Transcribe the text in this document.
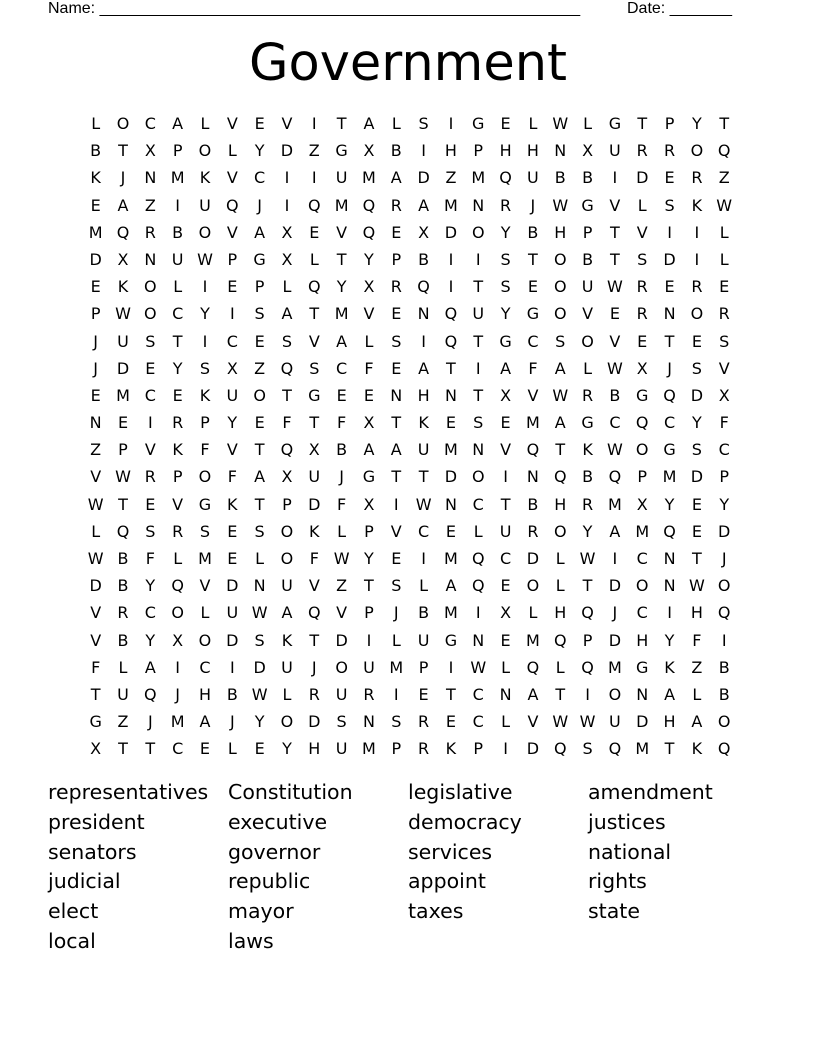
Name: ______________________________________________________	Date: _______
Government
L	O C	A	L	V	E	V	I	T	A	L	S	I	G	E	L W L	G	T	P	Y	T
B	T	X	P	O	L	Y	D Z G X	B	I	H	P	H H N X U R	R O Q
K	J	N M K	V	C	I	I	U M A D Z M Q U B	B	I	D	E	R	Z
E	A	Z	I	U Q	J	I	Q M Q R	A M N R	J	W G V	L	S	K W
M Q R	B O V	A	X	E	V Q E	X D O	Y	B H	P	T	V	I	I	L
D X N U W P	G X	L	T	Y	P	B	I	I	S	T	O B	T	S	D	I	L
E	K O	L	I	E	P	L	Q	Y	X	R Q	I	T	S	E O U W R	E	R	E
P W O C	Y	I	S	A	T M V	E	N Q U	Y	G O V	E	R N O R
J	U	S	T	I	C	E	S	V	A	L	S	I	Q	T	G C	S O V	E	T	E	S
J	D	E	Y	S	X	Z Q S	C	F	E	A	T	I	A	F	A	L W X	J	S	V
E M C	E	K	U O	T	G	E	E	N H N	T	X	V W R	B G Q D X
N	E	I	R	P	Y	E	F	T	F	X	T	K	E	S	E M A G C Q C	Y	F
Z	P	V	K	F	V	T	Q X	B	A	A U M N V Q	T	K W O G	S	C
V W R	P	O	F	A	X U	J	G	T	T	D O	I	N Q B Q	P M D	P
W T	E	V G K	T	P	D	F	X	I	W N C	T	B H R M X	Y	E	Y
L	Q S	R	S	E	S O K	L	P	V	C	E	L	U R O	Y	A M Q E	D
W B	F	L M E	L	O	F W Y	E	I	M Q C D	L W	I	C N	T	J
D B	Y	Q V D N U	V	Z	T	S	L	A Q E O	L	T	D O N W O
V	R	C O	L	U W A Q V	P	J	B M	I	X	L	H Q	J	C	I	H Q
V	B	Y	X O D	S	K	T	D	I	L	U G N	E M Q	P	D H	Y	F	I
F	L	A	I	C	I	D U	J	O U M P	I	W L	Q	L	Q M G K	Z	B
T	U Q	J	H B W L	R U R	I	E	T	C N A	T	I	O N A	L	B
G Z	J	M A	J	Y	O D	S	N	S	R	E	C	L	V W W U D H A O
X	T	T	C	E	L	E	Y	H U M P	R	K	P	I	D Q S Q M T	K Q
representatives Constitution	legislative	amendment
president	executive	democracy	justices
senators	governor	services	national
judicial	republic	appoint	rights
elect	mayor	taxes	state
local	laws
